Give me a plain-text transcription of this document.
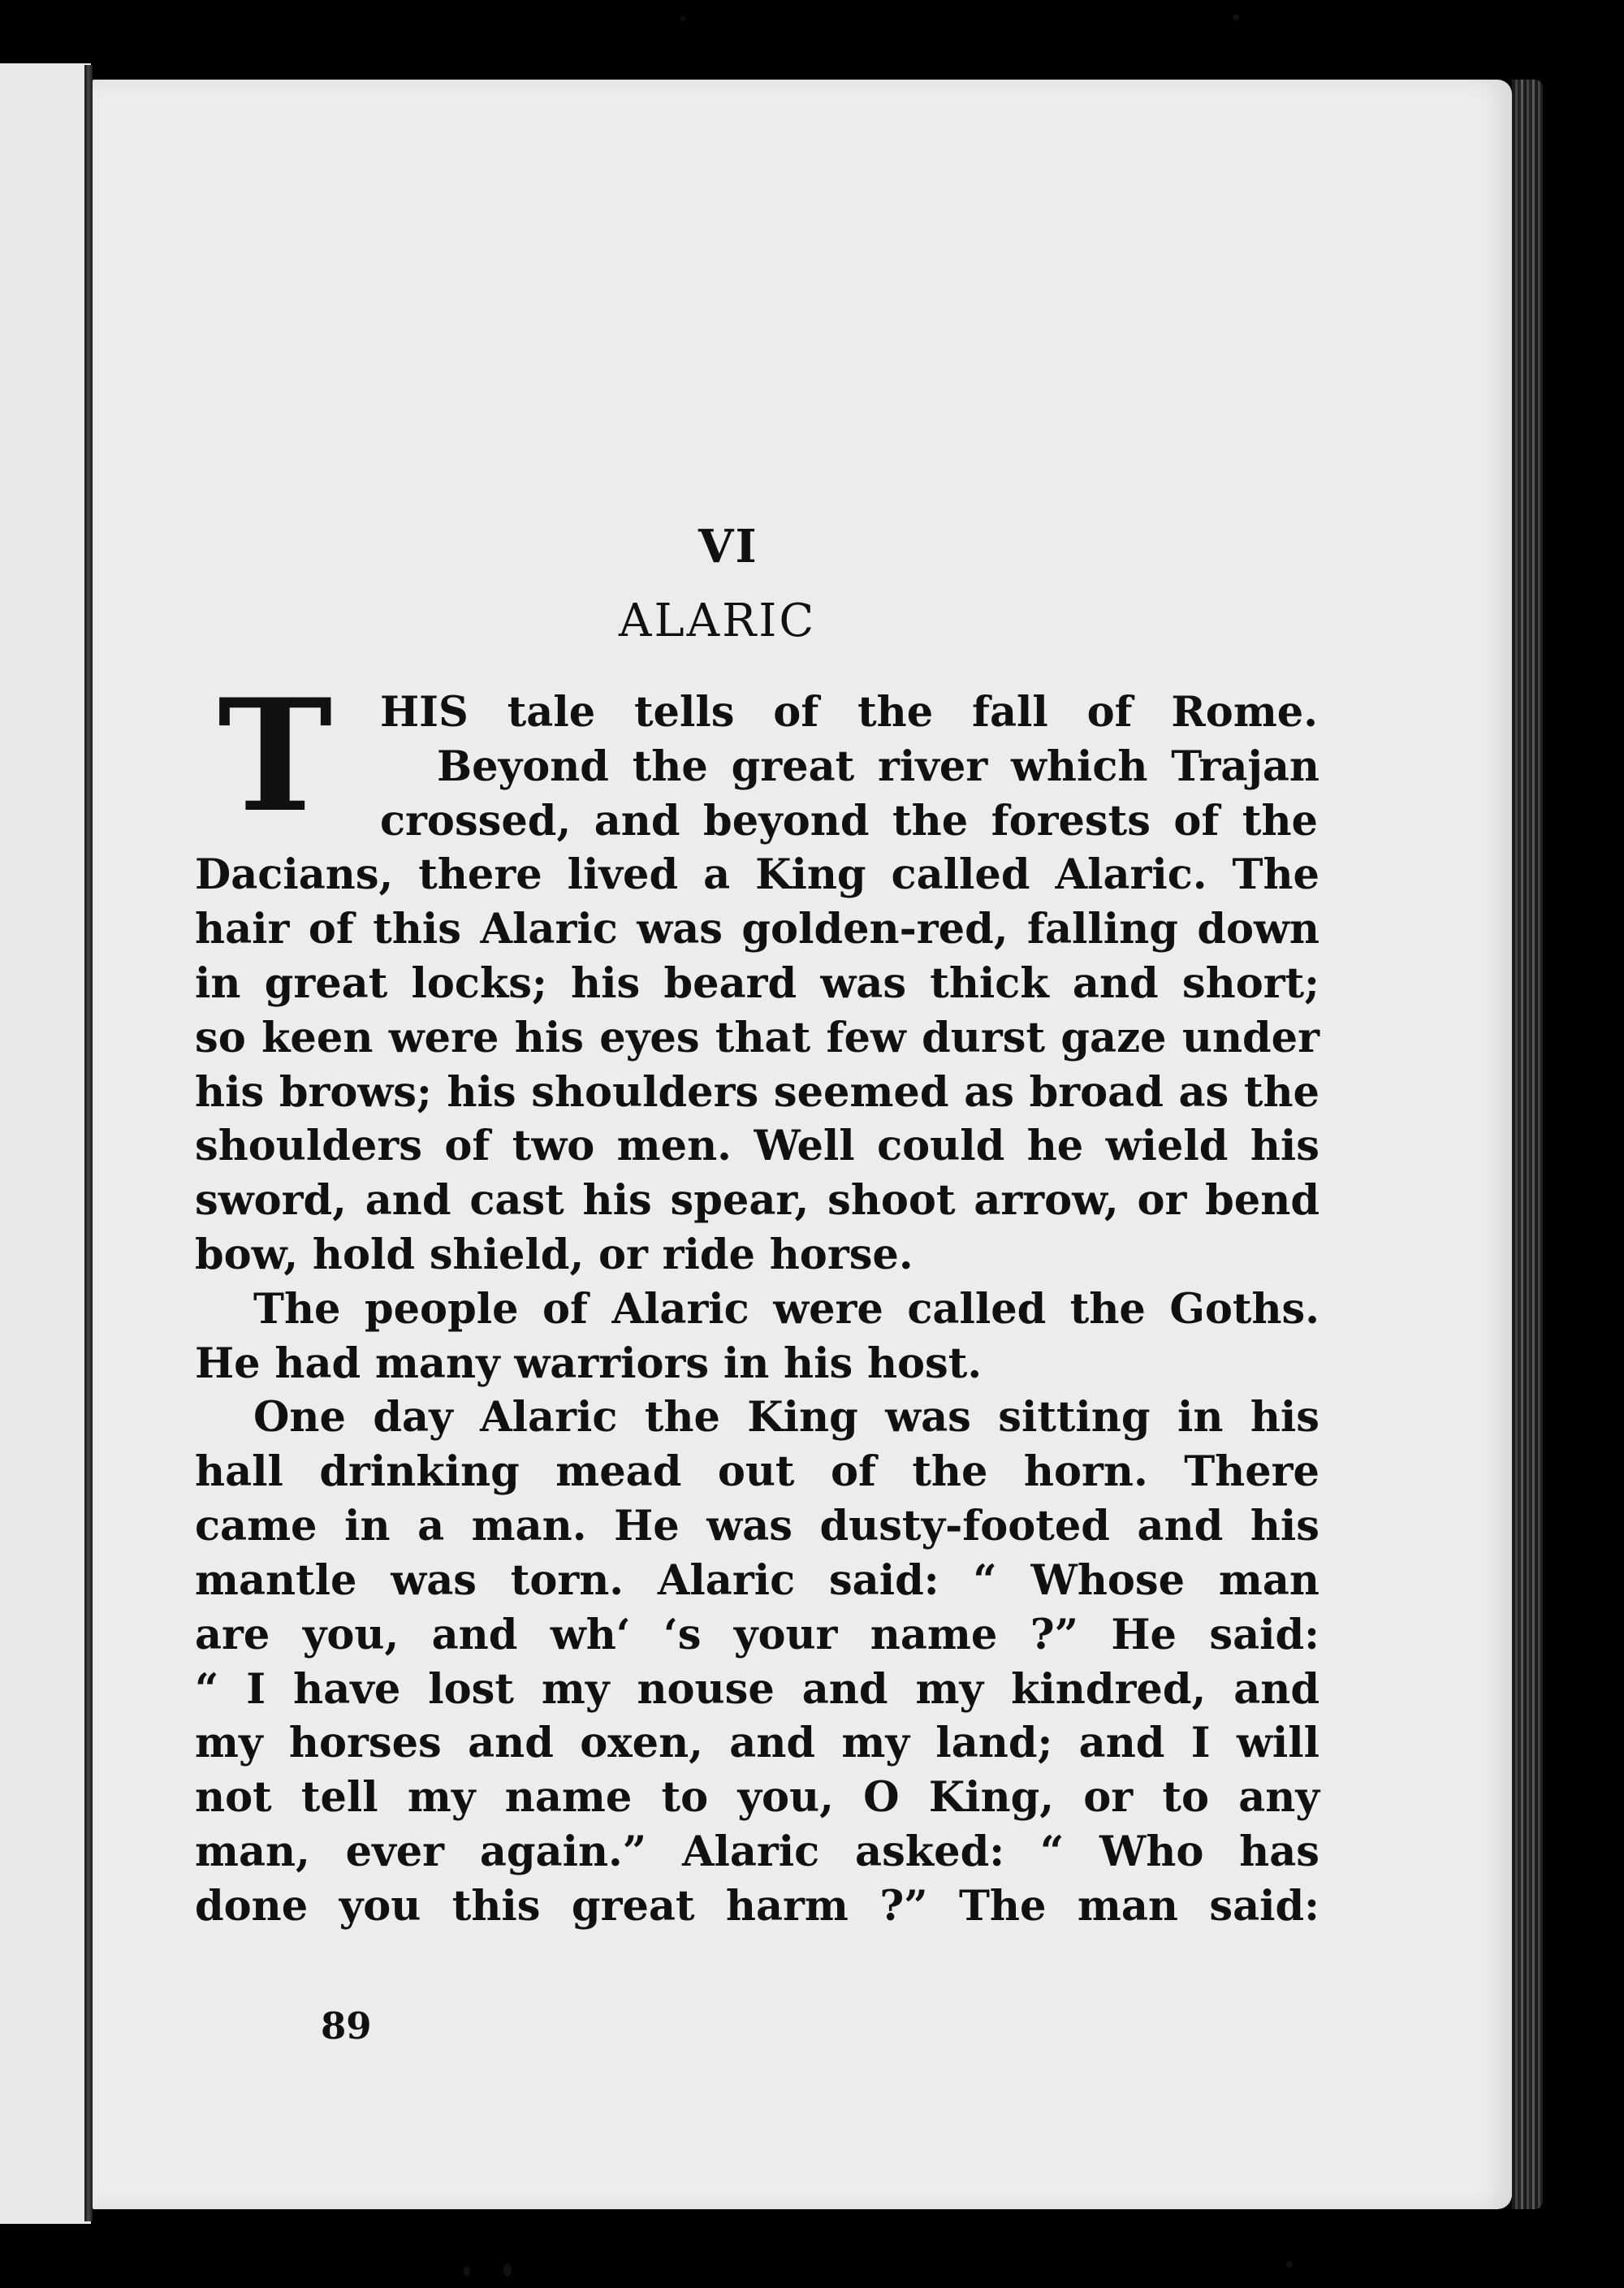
VI
ALARIC
T HIS tale tells of the fall of Rome.

Beyond the great river which Trajan

crossed, and beyond the forests of the

Dacians, there lived a King called Alaric. The

hair of this Alaric was golden-red, falling down

in great locks; his beard was thick and short;

so keen were his eyes that few durst gaze under

his brows; his shoulders seemed as broad as the

shoulders of two men. Well could he wield his

sword, and cast his spear, shoot arrow, or bend

bow, hold shield, or ride horse.

The people of Alaric were called the Goths.

He had many warriors in his host.

One day Alaric the King was sitting in his

hall drinking mead out of the horn. There

came in a man. He was dusty-footed and his

mantle was torn. Alaric said: “ Whose man

are you, and wh‘ ‘s your name ?” He said:

“ I have lost my nouse and my kindred, and

my horses and oxen, and my land; and I will

not tell my name to you, O King, or to any

man, ever again.” Alaric asked: “ Who has

done you this great harm ?” The man said:

89
